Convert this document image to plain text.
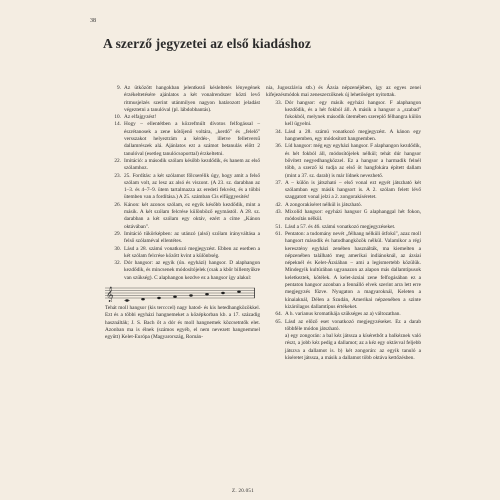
38
A szerző jegyzetei az első kiadáshoz
9. Az ütközött hangokban jelentkező késleltetés lényegének érzékeltetésére ajánlatos a két vonalrendszer közti levő ritmusjelzés szerint utánmilyen nagyon határozott jeladást végeztetni a tanulóval (pl. lábdobbantás).
10. Az elfajgyzést!
14. Hogy – ellentétben a közrefmúlt dívotos felfogással – észrétanosek a zene kötöjenő voltára, „kerdő" és „felelő" versszakot helyeztrám a kérdés-, illetve felletversű dallamrészek alá. Ajánlatos ezt a számot betanulás előtt 2 tanulóval (esetleg tanulócsoporttal) érzkeltetni.
22. Imitáció: a második szólam később kezdődik, és hanem az első szólamhoz.
23. 25. Fordítás: a két szólamot főlcserélik úgy, hogy amit a felső szólam volt, az lesz az alsó és viszont. (A 23. sz. darabban az 1–3. és 4–7–9. ütem tartalmazza az eredeti fekvést, és a többi ütemben van a fordítása.) A 25. számban Cis elfüggyesítés!
26. Kánon: két azonos szólam, ez egyik később kezdődik, mint a másik. A két szólam felcrése különböző egymástól. A 28. sz. darabban a két szólam egy oktáv, ezért a címe „Kánon oktávában".
29. Imitáció tükörképben: az utánzó (alsó) szólam irányváltása a felső szólaméval ellentétes.
30. Lásd a 28. számú vonatkozó megjegyzést. Ebben az esetben a két szólam felcrése között kvint a különbség.
32. Dór hangsor: az egyik (ún. egyházi) hangsor. D alaphangon kezdődik, és mincsenek módosítójelek (csak a kbőr billentyűkre van szükség). C alaphangon kezdve ez a hangsor így alakul:
𝄞
Tehát moll hangsor (kis tercccel) nagy hatod- és kis hetedhangközökkel. Ezt és a többi egyházi hangnemeket a középkorban kb. a 17. századig használták; J. S. Bach őt a dór és moll hangnemek közcsetntők elet. Azonban ma is élnek (számos egyéb, el nem nevezett hangnemmel együtt) Kelet-Európa (Magyarország, Román-
nia, Jugoszlávia stb.) és Ázsia népzenéjében, így az egyes zenei kifejezésmódok mai zeneszerzőknek új lehetőséget nyitottak.
33. Dór hangsor: egy másik egyházi hangsor. F alaphangon kezdődik, és a hét fokból áll. A másik a hangsor a „szabad" fokokból, melynek második ütemében szereplő félhangra külön kell ügyelni.
34. Lásd a 28. számú vonatkozó megjegyzést. A kánon egy hangnemben, egy módosított hangnemben.
36. Líd hangsor: még egy egyházi hangsor. F alaphangon kezdődik, és hét fokból áll, módosítójelek nélkül; tehát dúr hangsor bővített negyedhangközzel. Ez a hangsor a harmadik felnél több, a szerző ki tudja az első öt hangfokára épített dallam (mint a 37. sz. darab) is már lídnek nevezhető.
37. A – külön is játszható – első vonal ezt egyét játszható két szólamban egy másik hangsort is. A 2. szólam felett lévő szaggatott vonal jelzi a 2. zongorakíséretet.
42. A zongorakíséret nélkül is játszható.
43. Mixolíd hangsor: egyházi hangsor G alaphanggal hét fokon, módosítás nélkül.
51. Lásd a 57. és 46. számú vonatkozó megjegyzéseket.
61. Pentaton: a tudomány nevét „félhang nélküli ötfokú", azaz moll hangsort második és hatodhangközök nélkül. Valamikor a régi keresztény egyházi zenében használták, ma kiemelten a népzenében található meg amerikai indiánoknál, az ázsiai népeknél és Kelet-Ázsiában – ami a legismertebb közülük. Mindegyik kultúrában ugyanazon az alapon más dallamtípusok keletkeztek, kötélek. A kelet-ázsiai zene felfogásában ez a pentaton hangsor azonban a fennálló elvek szerint arra lett erre megjegyzés fűzve. Nyugaton a magyaroknál, Keleten a kínaiaknál, Délen a Szudán, Amerikai népzenében a szinte kizárólagos dallamtípus értékeket.
64. A h. varianus kromatikája szükséges az a) változatban.
65. Lásd az előző eset vonatkozó megjegyzéseket. Ez a darab többféle módon játszható.
a) egy zongorán: a bal kéz játssza a kíséretbőt a balkéznek való részt, a jobb kéz pedig a dallamot; az a kéz egy oktávval feljebb játszva a dallamot is. b) két zongorán: az egyik tanuló a kíséretet játssza, a másik a dallamot több oktáva kettőzésben.
Z. 20.051
